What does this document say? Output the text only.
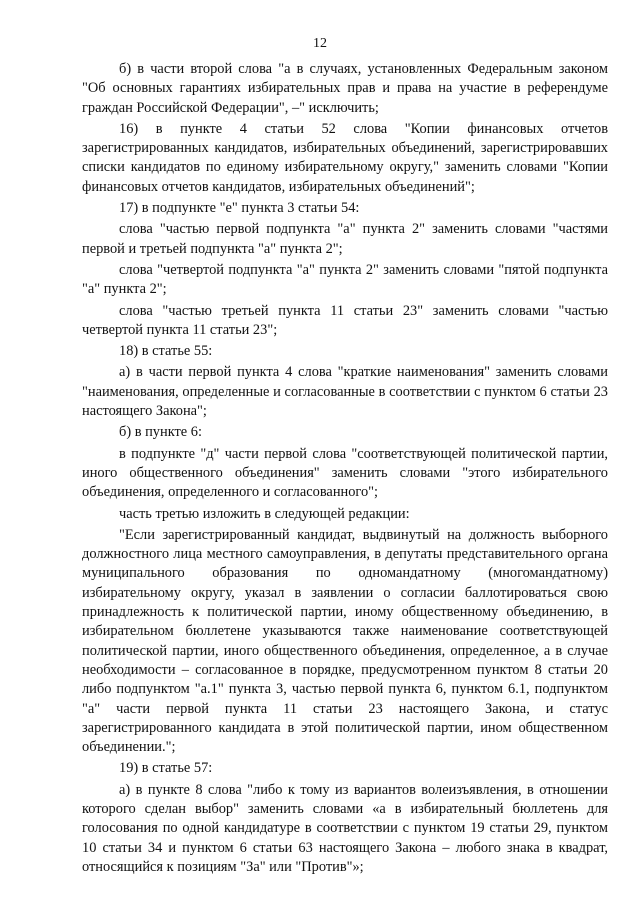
12

б) в части второй слова "а в случаях, установленных Федеральным законом "Об основных гарантиях избирательных прав и права на участие в референдуме граждан Российской Федерации", –" исключить;

16) в пункте 4 статьи 52 слова "Копии финансовых отчетов зарегистрированных кандидатов, избирательных объединений, зарегистрировавших списки кандидатов по единому избирательному округу," заменить словами "Копии финансовых отчетов кандидатов, избирательных объединений";

17) в подпункте "е" пункта 3 статьи 54:

слова "частью первой подпункта "а" пункта 2" заменить словами "частями первой и третьей подпункта "а" пункта 2";

слова "четвертой подпункта "а" пункта 2" заменить словами "пятой подпункта "а" пункта 2";

слова "частью третьей пункта 11 статьи 23" заменить словами "частью четвертой пункта 11 статьи 23";

18) в статье 55:

а) в части первой пункта 4 слова "краткие наименования" заменить словами "наименования, определенные и согласованные в соответствии с пунктом 6 статьи 23 настоящего Закона";

б) в пункте 6:

в подпункте "д" части первой слова "соответствующей политической партии, иного общественного объединения" заменить словами "этого избирательного объединения, определенного и согласованного";

часть третью изложить в следующей редакции:

"Если зарегистрированный кандидат, выдвинутый на должность выборного должностного лица местного самоуправления, в депутаты представительного органа муниципального образования по одномандатному (многомандатному) избирательному округу, указал в заявлении о согласии баллотироваться свою принадлежность к политической партии, иному общественному объединению, в избирательном бюллетене указываются также наименование соответствующей политической партии, иного общественного объединения, определенное, а в случае необходимости – согласованное в порядке, предусмотренном пунктом 8 статьи 20 либо подпунктом "а.1" пункта 3, частью первой пункта 6, пунктом 6.1, подпунктом "а" части первой пункта 11 статьи 23 настоящего Закона, и статус зарегистрированного кандидата в этой политической партии, ином общественном объединении.";

19) в статье 57:

а) в пункте 8 слова "либо к тому из вариантов волеизъявления, в отношении которого сделан выбор" заменить словами «а в избирательный бюллетень для голосования по одной кандидатуре в соответствии с пунктом 19 статьи 29, пунктом 10 статьи 34 и пунктом 6 статьи 63 настоящего Закона – любого знака в квадрат, относящийся к позициям "За" или "Против"»;
